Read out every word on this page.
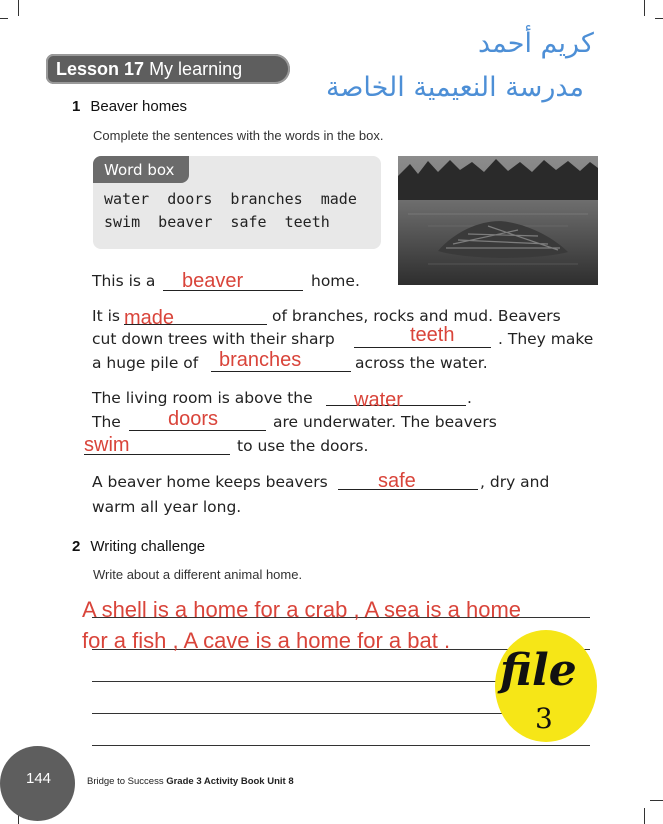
Lesson 17 My learning
كريم أحمد
مدرسة النعيمية الخاصة
1 Beaver homes
Complete the sentences with the words in the box.
Word box
water  doors  branches  made
swim  beaver  safe  teeth
This is a beaver	home.
It is made	of branches, rocks and mud. Beavers
cut down trees with their sharp	teeth	. They make
a huge pile of branches	across the water.
The living room is above the water	.
The doors	are underwater. The beavers
swim	to use the doors.
A beaver home keeps beavers	safe	, dry and
warm all year long.
2 Writing challenge
Write about a different animal home.
A shell is a home for a crab , A sea is a home
for a fish , A cave is a home for a bat .
file
3
144	Bridge to Success Grade 3 Activity Book Unit 8
